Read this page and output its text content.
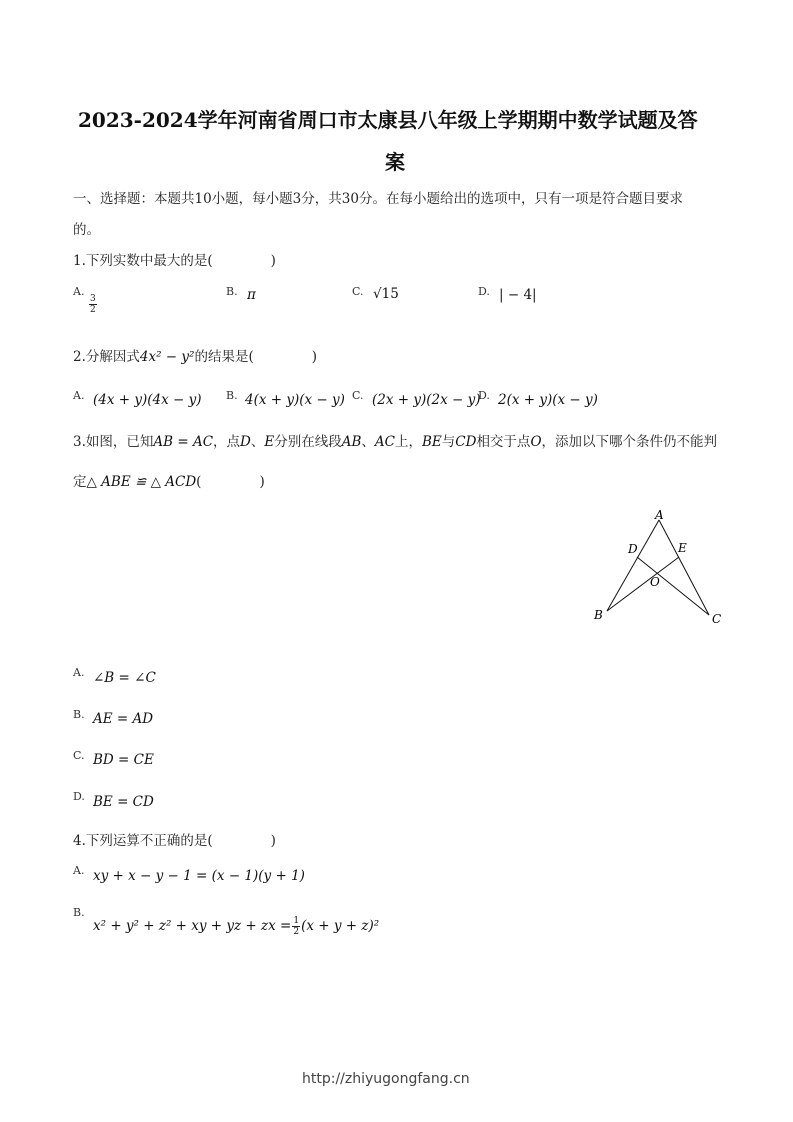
2023-2024学年河南省周口市太康县八年级上学期期中数学试题及答
案
一、选择题：本题共10小题，每小题3分，共30分。在每小题给出的选项中，只有一项是符合题目要求
的。
1.下列实数中最大的是(	)
A.
$\frac{3}{2}$
B. π	C. √15	D. | − 4|
2.分解因式4x² − y²的结果是(	)
A. (4x + y)(4x − y) B. 4(x + y)(x − y) C. (2x + y)(2x − y)
D. 2(x + y)(x − y)
3.如图，已知AB = AC，点D、E分别在线段AB、AC上，BE与CD相交于点O，添加以下哪个条件仍不能判
定△ ABE ≌ △ ACD(	)
A
D	E
O
B	C
A. ∠B = ∠C
B. AE = AD
C. BD = CE
D. BE = CD
4.下列运算不正确的是(	)
A. xy + x − y − 1 = (x − 1)(y + 1)
B.
x² + y² + z² + xy + yz + zx = $\frac{1}{2} (x + y + z)^2$
http://zhiyugongfang.cn
